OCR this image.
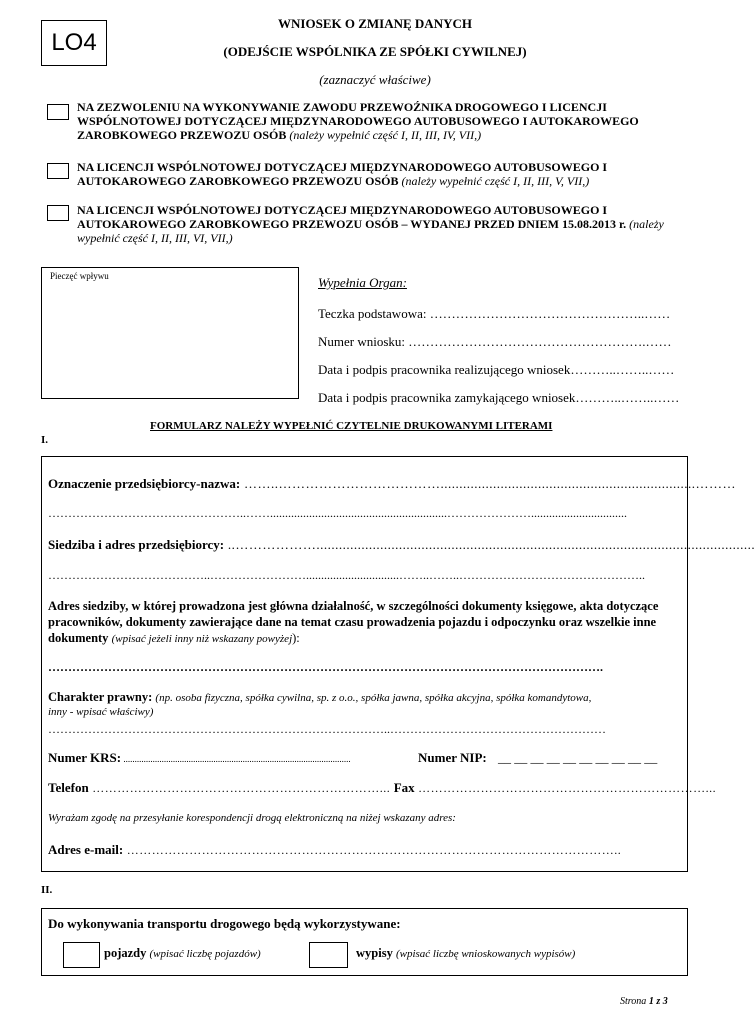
LO4
WNIOSEK O ZMIANĘ DANYCH
(ODEJŚCIE WSPÓLNIKA ZE SPÓŁKI CYWILNEJ)
(zaznaczyć właściwe)
NA ZEZWOLENIU NA WYKONYWANIE ZAWODU PRZEWOŹNIKA DROGOWEGO I LICENCJI WSPÓLNOTOWEJ DOTYCZĄCEJ MIĘDZYNARODOWEGO AUTOBUSOWEGO I AUTOKAROWEGO ZAROBKOWEGO PRZEWOZU OSÓB (należy wypełnić część I, II, III, IV, VII,)
NA LICENCJI WSPÓLNOTOWEJ DOTYCZĄCEJ MIĘDZYNARODOWEGO AUTOBUSOWEGO I AUTOKAROWEGO ZAROBKOWEGO PRZEWOZU OSÓB (należy wypełnić część I, II, III, V, VII,)
NA LICENCJI WSPÓLNOTOWEJ DOTYCZĄCEJ MIĘDZYNARODOWEGO AUTOBUSOWEGO I AUTOKAROWEGO ZAROBKOWEGO PRZEWOZU OSÓB – WYDANEJ PRZED DNIEM 15.08.2013 r. (należy wypełnić część I, II, III, VI, VII,)
Pieczęć wpływu	Wypełnia Organ:
Teczka podstawowa: …………………………………………..……
Numer wniosku: ……………………………………………….……
Data i podpis pracownika realizującego wniosek………..……..……
Data i podpis pracownika zamykającego wniosek………..……..……
FORMULARZ NALEŻY WYPEŁNIĆ CZYTELNIE DRUKOWANYMI LITERAMI
I.
Oznaczenie przedsiębiorcy-nazwa: ……..………………………………....................................................................………
…………………………………………..……...........................................................…………………................................
Siedziba i adres przedsiębiorcy: ..……………….....................................................................................................................
…………………………………..……………………...............................……..……..………………………………………..
Adres siedziby, w której prowadzona jest główna działalność, w szczególności dokumenty księgowe, akta dotyczące pracowników, dokumenty zawierające dane na temat czasu prowadzenia pojazdu i odpoczynku oraz wszelkie inne dokumenty (wpisać jeżeli inny niż wskazany powyżej):
………………………………………………………………………………………………………………………….
Charakter prawny: (np. osoba fizyczna, spółka cywilna, sp. z o.o., spółka jawna, spółka akcyjna, spółka komandytowa,
inny - wpisać właściwy)
…………………………………………………………………………..………………………………………………
Numer KRS: .....................................................................................................	Numer NIP: __ __ __ __ __ __ __ __ __ __
Telefon ……………………………………………………………... Fax ……………………………………………………………...
Wyrażam zgodę na przesyłanie korespondencji drogą elektroniczną na niżej wskazany adres:
Adres e-mail: ………………………………………………………………………………………………………..
II.
Do wykonywania transportu drogowego będą wykorzystywane:
pojazdy (wpisać liczbę pojazdów)	wypisy (wpisać liczbę wnioskowanych wypisów)
Strona 1 z 3
